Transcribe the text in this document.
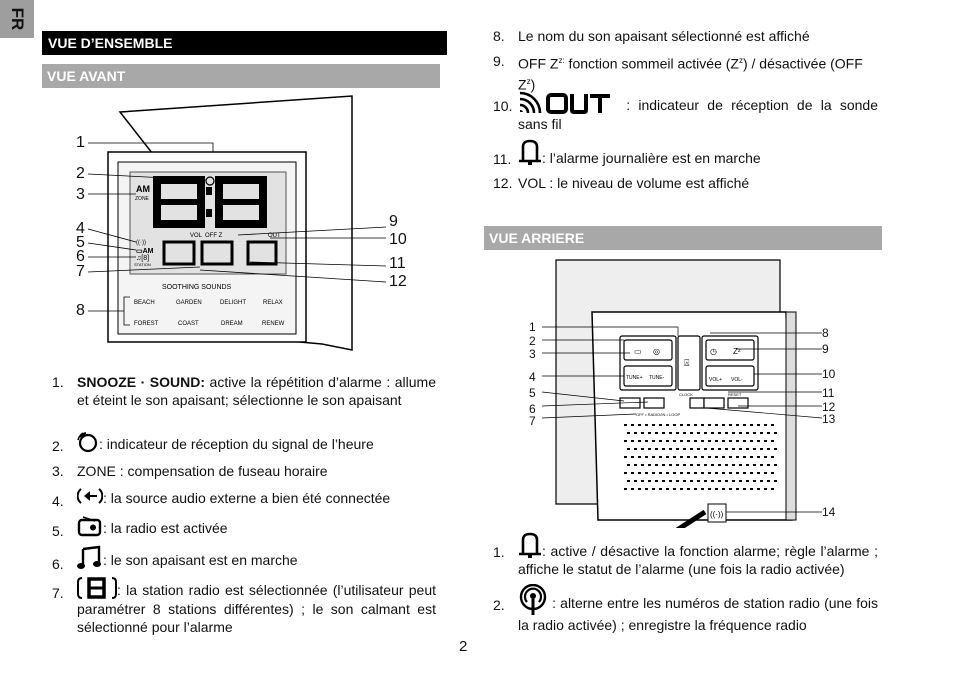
FR
VUE D’ENSEMBLE
VUE AVANT
AM
ZONE
VOL OFF Z	OUT
((·))
▭AM
♫[8]
STATION
SOOTHING SOUNDS
BEACH	GARDEN	DELIGHT	RELAX
FOREST	COAST	DREAM	RENEW
1
2
3
4
5
6
7
8
9
10
11
12
1. SNOOZE · SOUND: active la répétition d’alarme : allume et éteint le son apaisant; sélectionne le son apaisant
2.	: indicateur de réception du signal de l’heure
3. ZONE : compensation de fuseau horaire
4.	: la source audio externe a bien été connectée
5.	: la radio est activée
6.	: le son apaisant est en marche
7.	: la station radio est sélectionnée (l’utilisateur peut paramétrer 8 stations différentes) ; le son calmant est sélectionné pour l’alarme
8. Le nom du son apaisant sélectionné est affiché
9. OFF $Z^{z:}$ fonction sommeil activée $(Z^z)$ / désactivée (OFF $Z^z$)
10.	: indicateur de réception de la sonde sans fil
11.	: l’alarme journalière est en marche
12. VOL : le niveau de volume est affiché
VUE ARRIERE
▭ ◎
⍓
◷ Zᶻ
TUNE+ TUNE-	VOL+ VOL-
CLOCK	RESET
OFF • RADIO/IN • LOOP
((·))
1
2
3
4
5
6
7
8
9
10
11
12
13
14
1.	: active / désactive la fonction alarme; règle l’alarme ; affiche le statut de l’alarme (une fois la radio activée)
2.	: alterne entre les numéros de station radio (une fois la radio activée) ; enregistre la fréquence radio
2
